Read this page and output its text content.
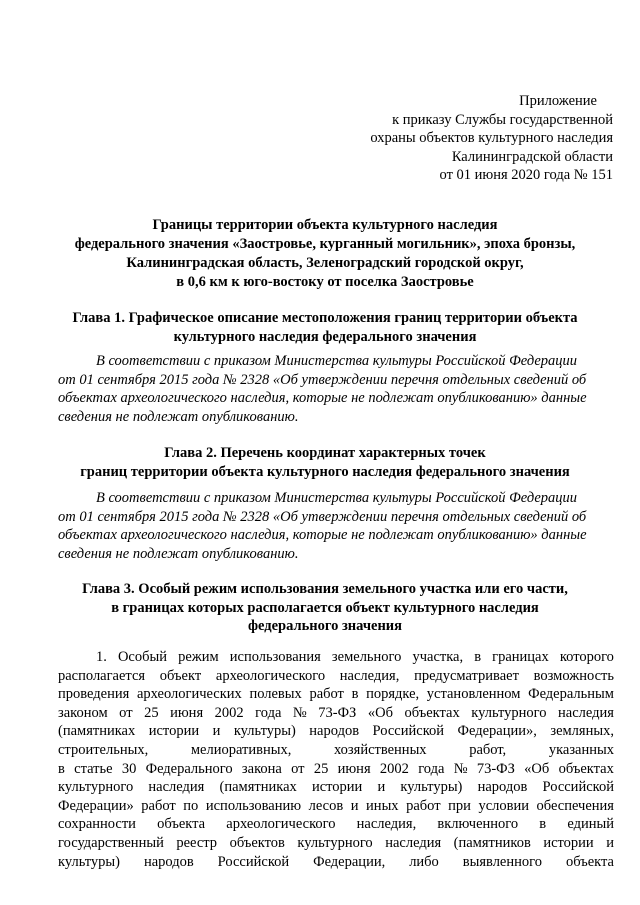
Приложение
к приказу Службы государственной
охраны объектов культурного наследия
Калининградской области
от 01 июня 2020 года № 151
Границы территории объекта культурного наследия
федерального значения «Заостровье, курганный могильник», эпоха бронзы,
Калининградская область, Зеленоградский городской округ,
в 0,6 км к юго-востоку от поселка Заостровье
Глава 1. Графическое описание местоположения границ территории объекта
культурного наследия федерального значения
В соответствии с приказом Министерства культуры Российской Федерации
от 01 сентября 2015 года № 2328 «Об утверждении перечня отдельных сведений об
объектах археологического наследия, которые не подлежат опубликованию» данные
сведения не подлежат опубликованию.
Глава 2. Перечень координат характерных точек
границ территории объекта культурного наследия федерального значения
В соответствии с приказом Министерства культуры Российской Федерации
от 01 сентября 2015 года № 2328 «Об утверждении перечня отдельных сведений об
объектах археологического наследия, которые не подлежат опубликованию» данные
сведения не подлежат опубликованию.
Глава 3. Особый режим использования земельного участка или его части,
в границах которых располагается объект культурного наследия
федерального значения
1. Особый режим использования земельного участка, в границах которого
располагается объект археологического наследия, предусматривает возможность
проведения археологических полевых работ в порядке, установленном Федеральным
законом от 25 июня 2002 года № 73-ФЗ «Об объектах культурного наследия
(памятниках истории и культуры) народов Российской Федерации», земляных,
строительных,	мелиоративных,	хозяйственных	работ,	указанных
в статье 30 Федерального закона от 25 июня 2002 года № 73-ФЗ «Об объектах
культурного наследия (памятниках истории и культуры) народов Российской
Федерации» работ по использованию лесов и иных работ при условии обеспечения
сохранности объекта археологического наследия, включенного в единый
государственный реестр объектов культурного наследия (памятников истории и
культуры) народов Российской Федерации, либо выявленного объекта
